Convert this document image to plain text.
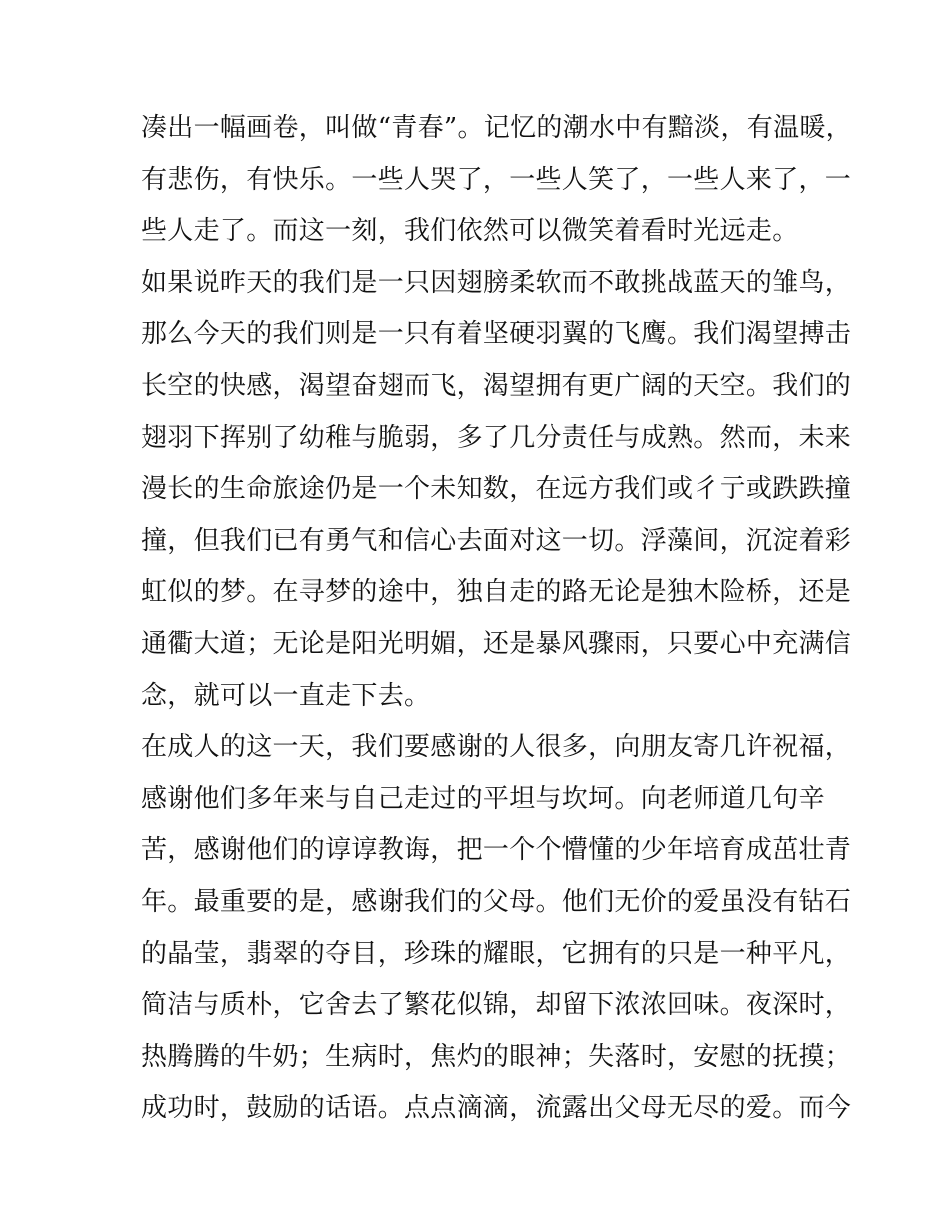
凑出一幅画卷，叫做“青春”。记忆的潮水中有黯淡，有温暖，
有悲伤，有快乐。一些人哭了，一些人笑了，一些人来了，一
些人走了。而这一刻，我们依然可以微笑着看时光远走。
如果说昨天的我们是一只因翅膀柔软而不敢挑战蓝天的雏鸟，
那么今天的我们则是一只有着坚硬羽翼的飞鹰。我们渴望搏击
长空的快感，渴望奋翅而飞，渴望拥有更广阔的天空。我们的
翅羽下挥别了幼稚与脆弱，多了几分责任与成熟。然而，未来
漫长的生命旅途仍是一个未知数，在远方我们或彳亍或跌跌撞
撞，但我们已有勇气和信心去面对这一切。浮藻间，沉淀着彩
虹似的梦。在寻梦的途中，独自走的路无论是独木险桥，还是
通衢大道；无论是阳光明媚，还是暴风骤雨，只要心中充满信
念，就可以一直走下去。
在成人的这一天，我们要感谢的人很多，向朋友寄几许祝福，
感谢他们多年来与自己走过的平坦与坎坷。向老师道几句辛
苦，感谢他们的谆谆教诲，把一个个懵懂的少年培育成茁壮青
年。最重要的是，感谢我们的父母。他们无价的爱虽没有钻石
的晶莹，翡翠的夺目，珍珠的耀眼，它拥有的只是一种平凡，
简洁与质朴，它舍去了繁花似锦，却留下浓浓回味。夜深时，
热腾腾的牛奶；生病时，焦灼的眼神；失落时，安慰的抚摸；
成功时，鼓励的话语。点点滴滴，流露出父母无尽的爱。而今
